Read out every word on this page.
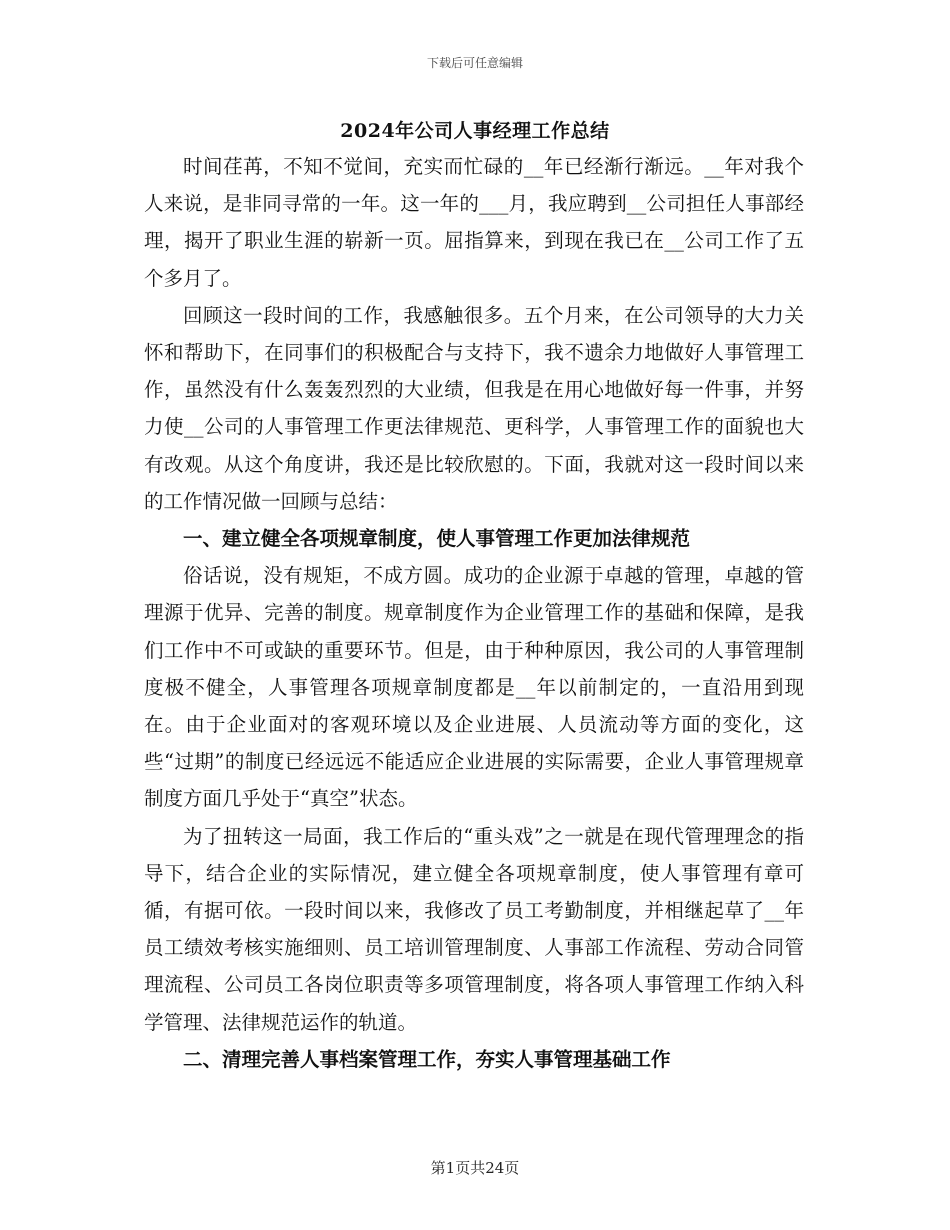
下载后可任意编辑
2024年公司人事经理工作总结

时间荏苒，不知不觉间，充实而忙碌的__年已经渐行渐远。__年对我个人来说，是非同寻常的一年。这一年的___月，我应聘到__公司担任人事部经理，揭开了职业生涯的崭新一页。屈指算来，到现在我已在__公司工作了五个多月了。

回顾这一段时间的工作，我感触很多。五个月来，在公司领导的大力关怀和帮助下，在同事们的积极配合与支持下，我不遗余力地做好人事管理工作，虽然没有什么轰轰烈烈的大业绩，但我是在用心地做好每一件事，并努力使__公司的人事管理工作更法律规范、更科学，人事管理工作的面貌也大有改观。从这个角度讲，我还是比较欣慰的。下面，我就对这一段时间以来的工作情况做一回顾与总结：

一、建立健全各项规章制度，使人事管理工作更加法律规范

俗话说，没有规矩，不成方圆。成功的企业源于卓越的管理，卓越的管理源于优异、完善的制度。规章制度作为企业管理工作的基础和保障，是我们工作中不可或缺的重要环节。但是，由于种种原因，我公司的人事管理制度极不健全，人事管理各项规章制度都是__年以前制定的，一直沿用到现在。由于企业面对的客观环境以及企业进展、人员流动等方面的变化，这些“过期”的制度已经远远不能适应企业进展的实际需要，企业人事管理规章制度方面几乎处于“真空”状态。

为了扭转这一局面，我工作后的“重头戏”之一就是在现代管理理念的指导下，结合企业的实际情况，建立健全各项规章制度，使人事管理有章可循，有据可依。一段时间以来，我修改了员工考勤制度，并相继起草了__年员工绩效考核实施细则、员工培训管理制度、人事部工作流程、劳动合同管理流程、公司员工各岗位职责等多项管理制度，将各项人事管理工作纳入科学管理、法律规范运作的轨道。

二、清理完善人事档案管理工作，夯实人事管理基础工作

第1页共24页
